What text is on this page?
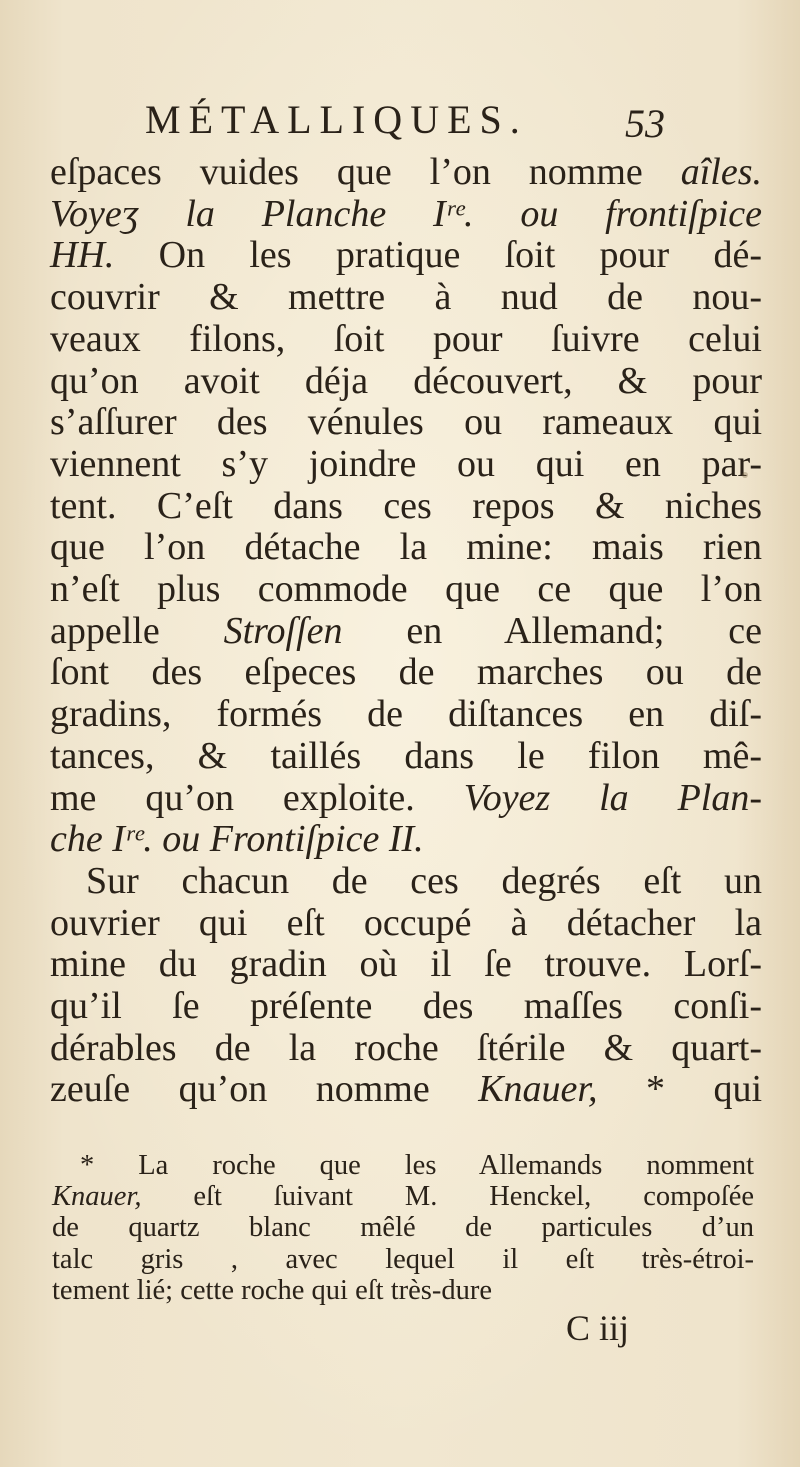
MÉTALLIQUES. 53
eſpaces vuides que l’on nomme aîles.
Voyeʒ la Planche Iʳᵉ. ou frontiſpice
HH. On les pratique ſoit pour dé-
couvrir & mettre à nud de nou-
veaux filons, ſoit pour ſuivre celui
qu’on avoit déja découvert, & pour
s’aſſurer des vénules ou rameaux qui
viennent s’y joindre ou qui en par-
tent. C’eſt dans ces repos & niches
que l’on détache la mine: mais rien
n’eſt plus commode que ce que l’on
appelle Stroſſen en Allemand; ce
ſont des eſpeces de marches ou de
gradins, formés de diſtances en diſ-
tances, & taillés dans le filon mê-
me qu’on exploite. Voyez la Plan-
che Iʳᵉ. ou Frontiſpice II.
Sur chacun de ces degrés eſt un
ouvrier qui eſt occupé à détacher la
mine du gradin où il ſe trouve. Lorſ-
qu’il ſe préſente des maſſes conſi-
dérables de la roche ſtérile & quart-
zeuſe qu’on nomme Knauer, * qui
* La roche que les Allemands nomment
Knauer, eſt ſuivant M. Henckel, compoſée
de quartz blanc mêlé de particules d’un
talc gris , avec lequel il eſt très-étroi-
tement lié; cette roche qui eſt très-dure
C iij
